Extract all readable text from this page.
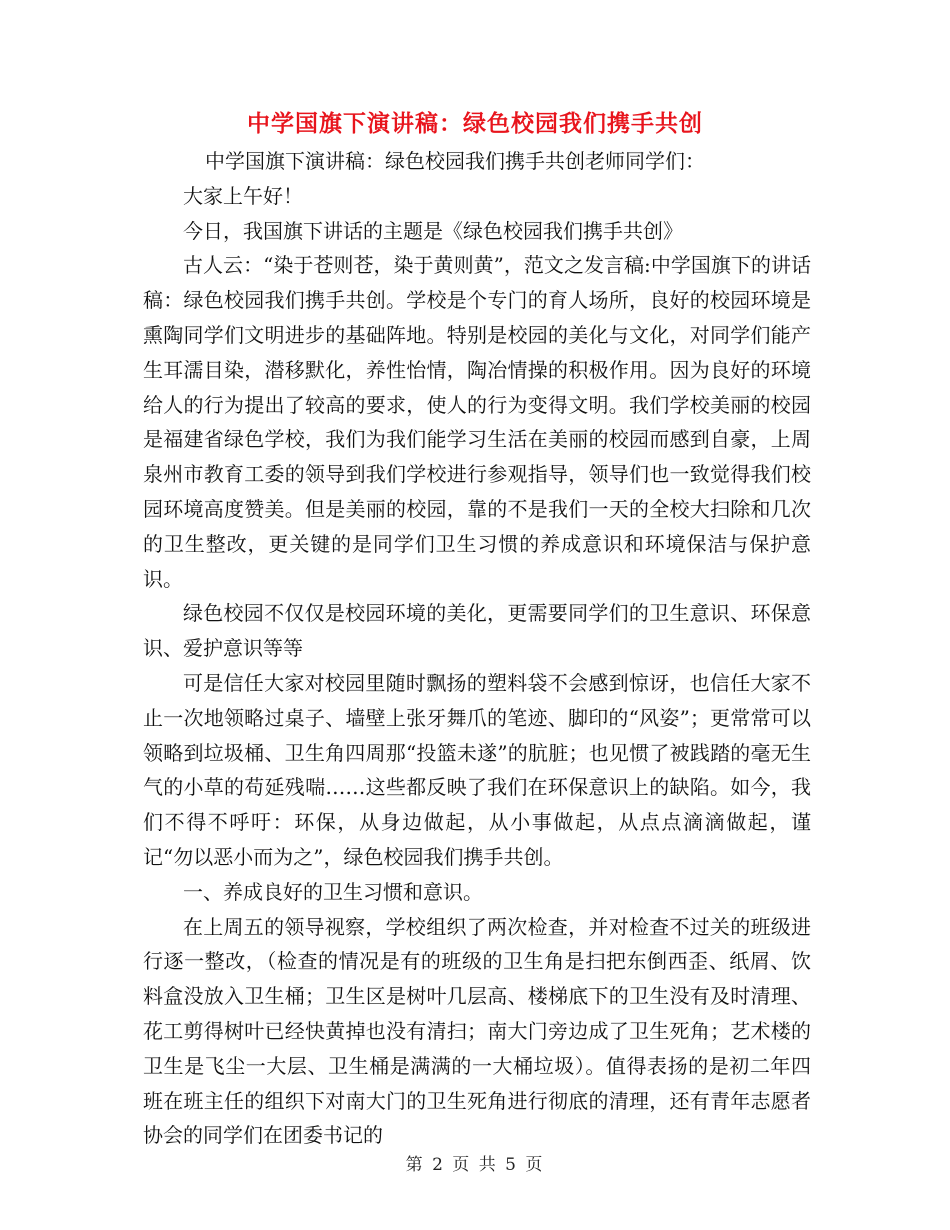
中学国旗下演讲稿：绿色校园我们携手共创

中学国旗下演讲稿：绿色校园我们携手共创老师同学们：

大家上午好！

今日，我国旗下讲话的主题是《绿色校园我们携手共创》

古人云：“染于苍则苍，染于黄则黄”，范文之发言稿:中学国旗下的讲话稿：绿色校园我们携手共创。学校是个专门的育人场所，良好的校园环境是熏陶同学们文明进步的基础阵地。特别是校园的美化与文化，对同学们能产生耳濡目染，潜移默化，养性怡情，陶冶情操的积极作用。因为良好的环境给人的行为提出了较高的要求，使人的行为变得文明。我们学校美丽的校园是福建省绿色学校，我们为我们能学习生活在美丽的校园而感到自豪，上周泉州市教育工委的领导到我们学校进行参观指导，领导们也一致觉得我们校园环境高度赞美。但是美丽的校园，靠的不是我们一天的全校大扫除和几次的卫生整改，更关键的是同学们卫生习惯的养成意识和环境保洁与保护意识。

绿色校园不仅仅是校园环境的美化，更需要同学们的卫生意识、环保意识、爱护意识等等

可是信任大家对校园里随时飘扬的塑料袋不会感到惊讶，也信任大家不止一次地领略过桌子、墙壁上张牙舞爪的笔迹、脚印的“风姿”；更常常可以领略到垃圾桶、卫生角四周那“投篮未遂”的肮脏；也见惯了被践踏的毫无生气的小草的苟延残喘……这些都反映了我们在环保意识上的缺陷。如今，我们不得不呼吁：环保，从身边做起，从小事做起，从点点滴滴做起，谨记“勿以恶小而为之”，绿色校园我们携手共创。

一、养成良好的卫生习惯和意识。

在上周五的领导视察，学校组织了两次检查，并对检查不过关的班级进行逐一整改，（检查的情况是有的班级的卫生角是扫把东倒西歪、纸屑、饮料盒没放入卫生桶；卫生区是树叶几层高、楼梯底下的卫生没有及时清理、花工剪得树叶已经快黄掉也没有清扫；南大门旁边成了卫生死角；艺术楼的卫生是飞尘一大层、卫生桶是满满的一大桶垃圾）。值得表扬的是初二年四班在班主任的组织下对南大门的卫生死角进行彻底的清理，还有青年志愿者协会的同学们在团委书记的

第 2 页 共 5 页
